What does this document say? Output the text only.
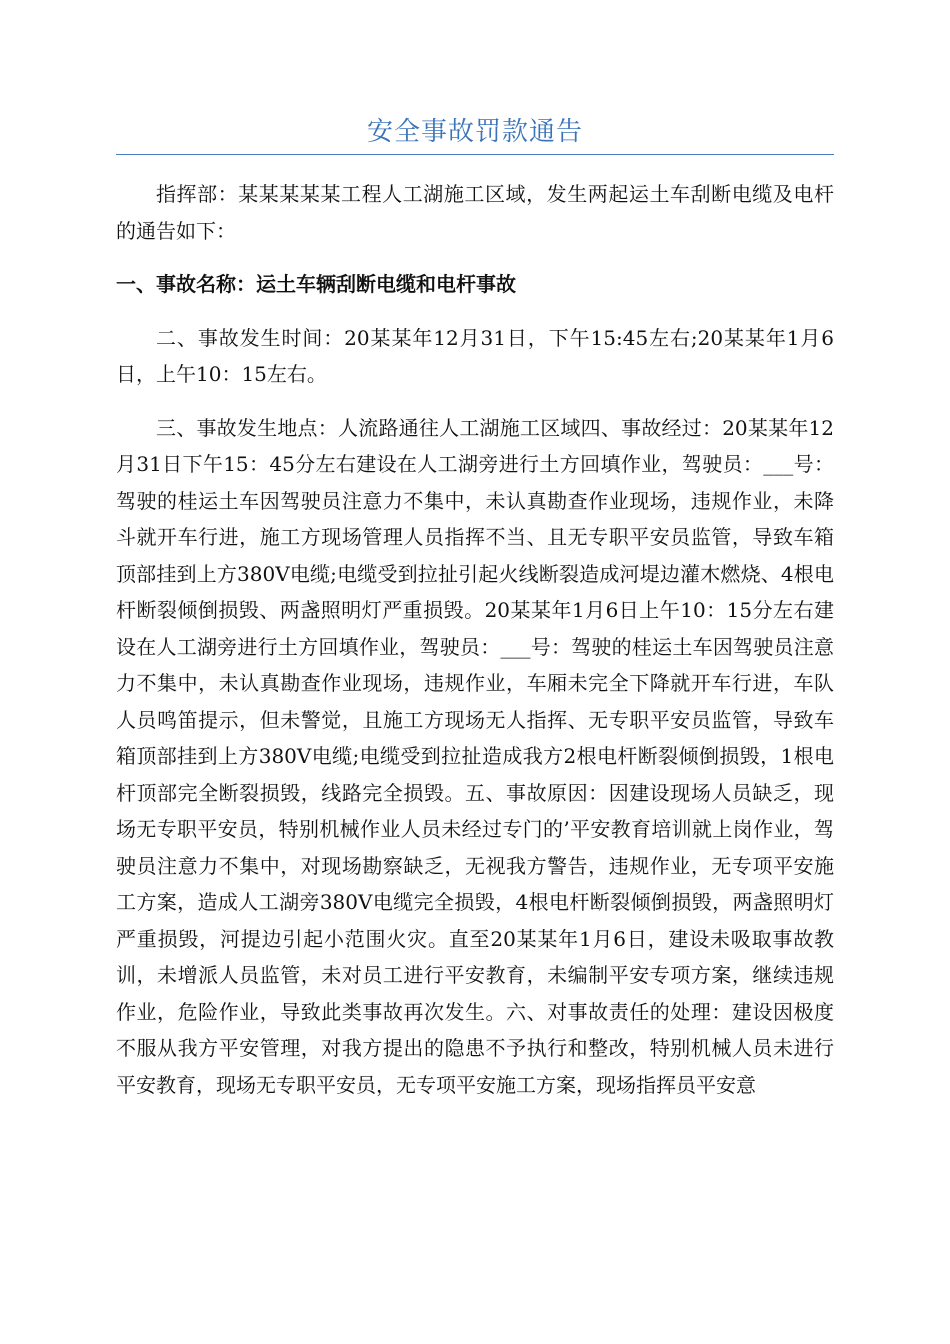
安全事故罚款通告

指挥部：某某某某某工程人工湖施工区域，发生两起运土车刮断电缆及电杆的通告如下：

一、事故名称：运土车辆刮断电缆和电杆事故

二、事故发生时间：20某某年12月31日，下午15:45左右;20某某年1月6日，上午10：15左右。

三、事故发生地点：人流路通往人工湖施工区域四、事故经过：20某某年12月31日下午15：45分左右建设在人工湖旁进行土方回填作业，驾驶员：___号：驾驶的桂运土车因驾驶员注意力不集中，未认真勘查作业现场，违规作业，未降斗就开车行进，施工方现场管理人员指挥不当、且无专职平安员监管，导致车箱顶部挂到上方380V电缆;电缆受到拉扯引起火线断裂造成河堤边灌木燃烧、4根电杆断裂倾倒损毁、两盏照明灯严重损毁。20某某年1月6日上午10：15分左右建设在人工湖旁进行土方回填作业，驾驶员：___号：驾驶的桂运土车因驾驶员注意力不集中，未认真勘查作业现场，违规作业，车厢未完全下降就开车行进，车队人员鸣笛提示，但未警觉，且施工方现场无人指挥、无专职平安员监管，导致车箱顶部挂到上方380V电缆;电缆受到拉扯造成我方2根电杆断裂倾倒损毁，1根电杆顶部完全断裂损毁，线路完全损毁。五、事故原因：因建设现场人员缺乏，现场无专职平安员，特别机械作业人员未经过专门的’平安教育培训就上岗作业，驾驶员注意力不集中，对现场勘察缺乏，无视我方警告，违规作业，无专项平安施工方案，造成人工湖旁380V电缆完全损毁，4根电杆断裂倾倒损毁，两盏照明灯严重损毁，河提边引起小范围火灾。直至20某某年1月6日，建设未吸取事故教训，未增派人员监管，未对员工进行平安教育，未编制平安专项方案，继续违规作业，危险作业，导致此类事故再次发生。六、对事故责任的处理：建设因极度不服从我方平安管理，对我方提出的隐患不予执行和整改，特别机械人员未进行平安教育，现场无专职平安员，无专项平安施工方案，现场指挥员平安意
